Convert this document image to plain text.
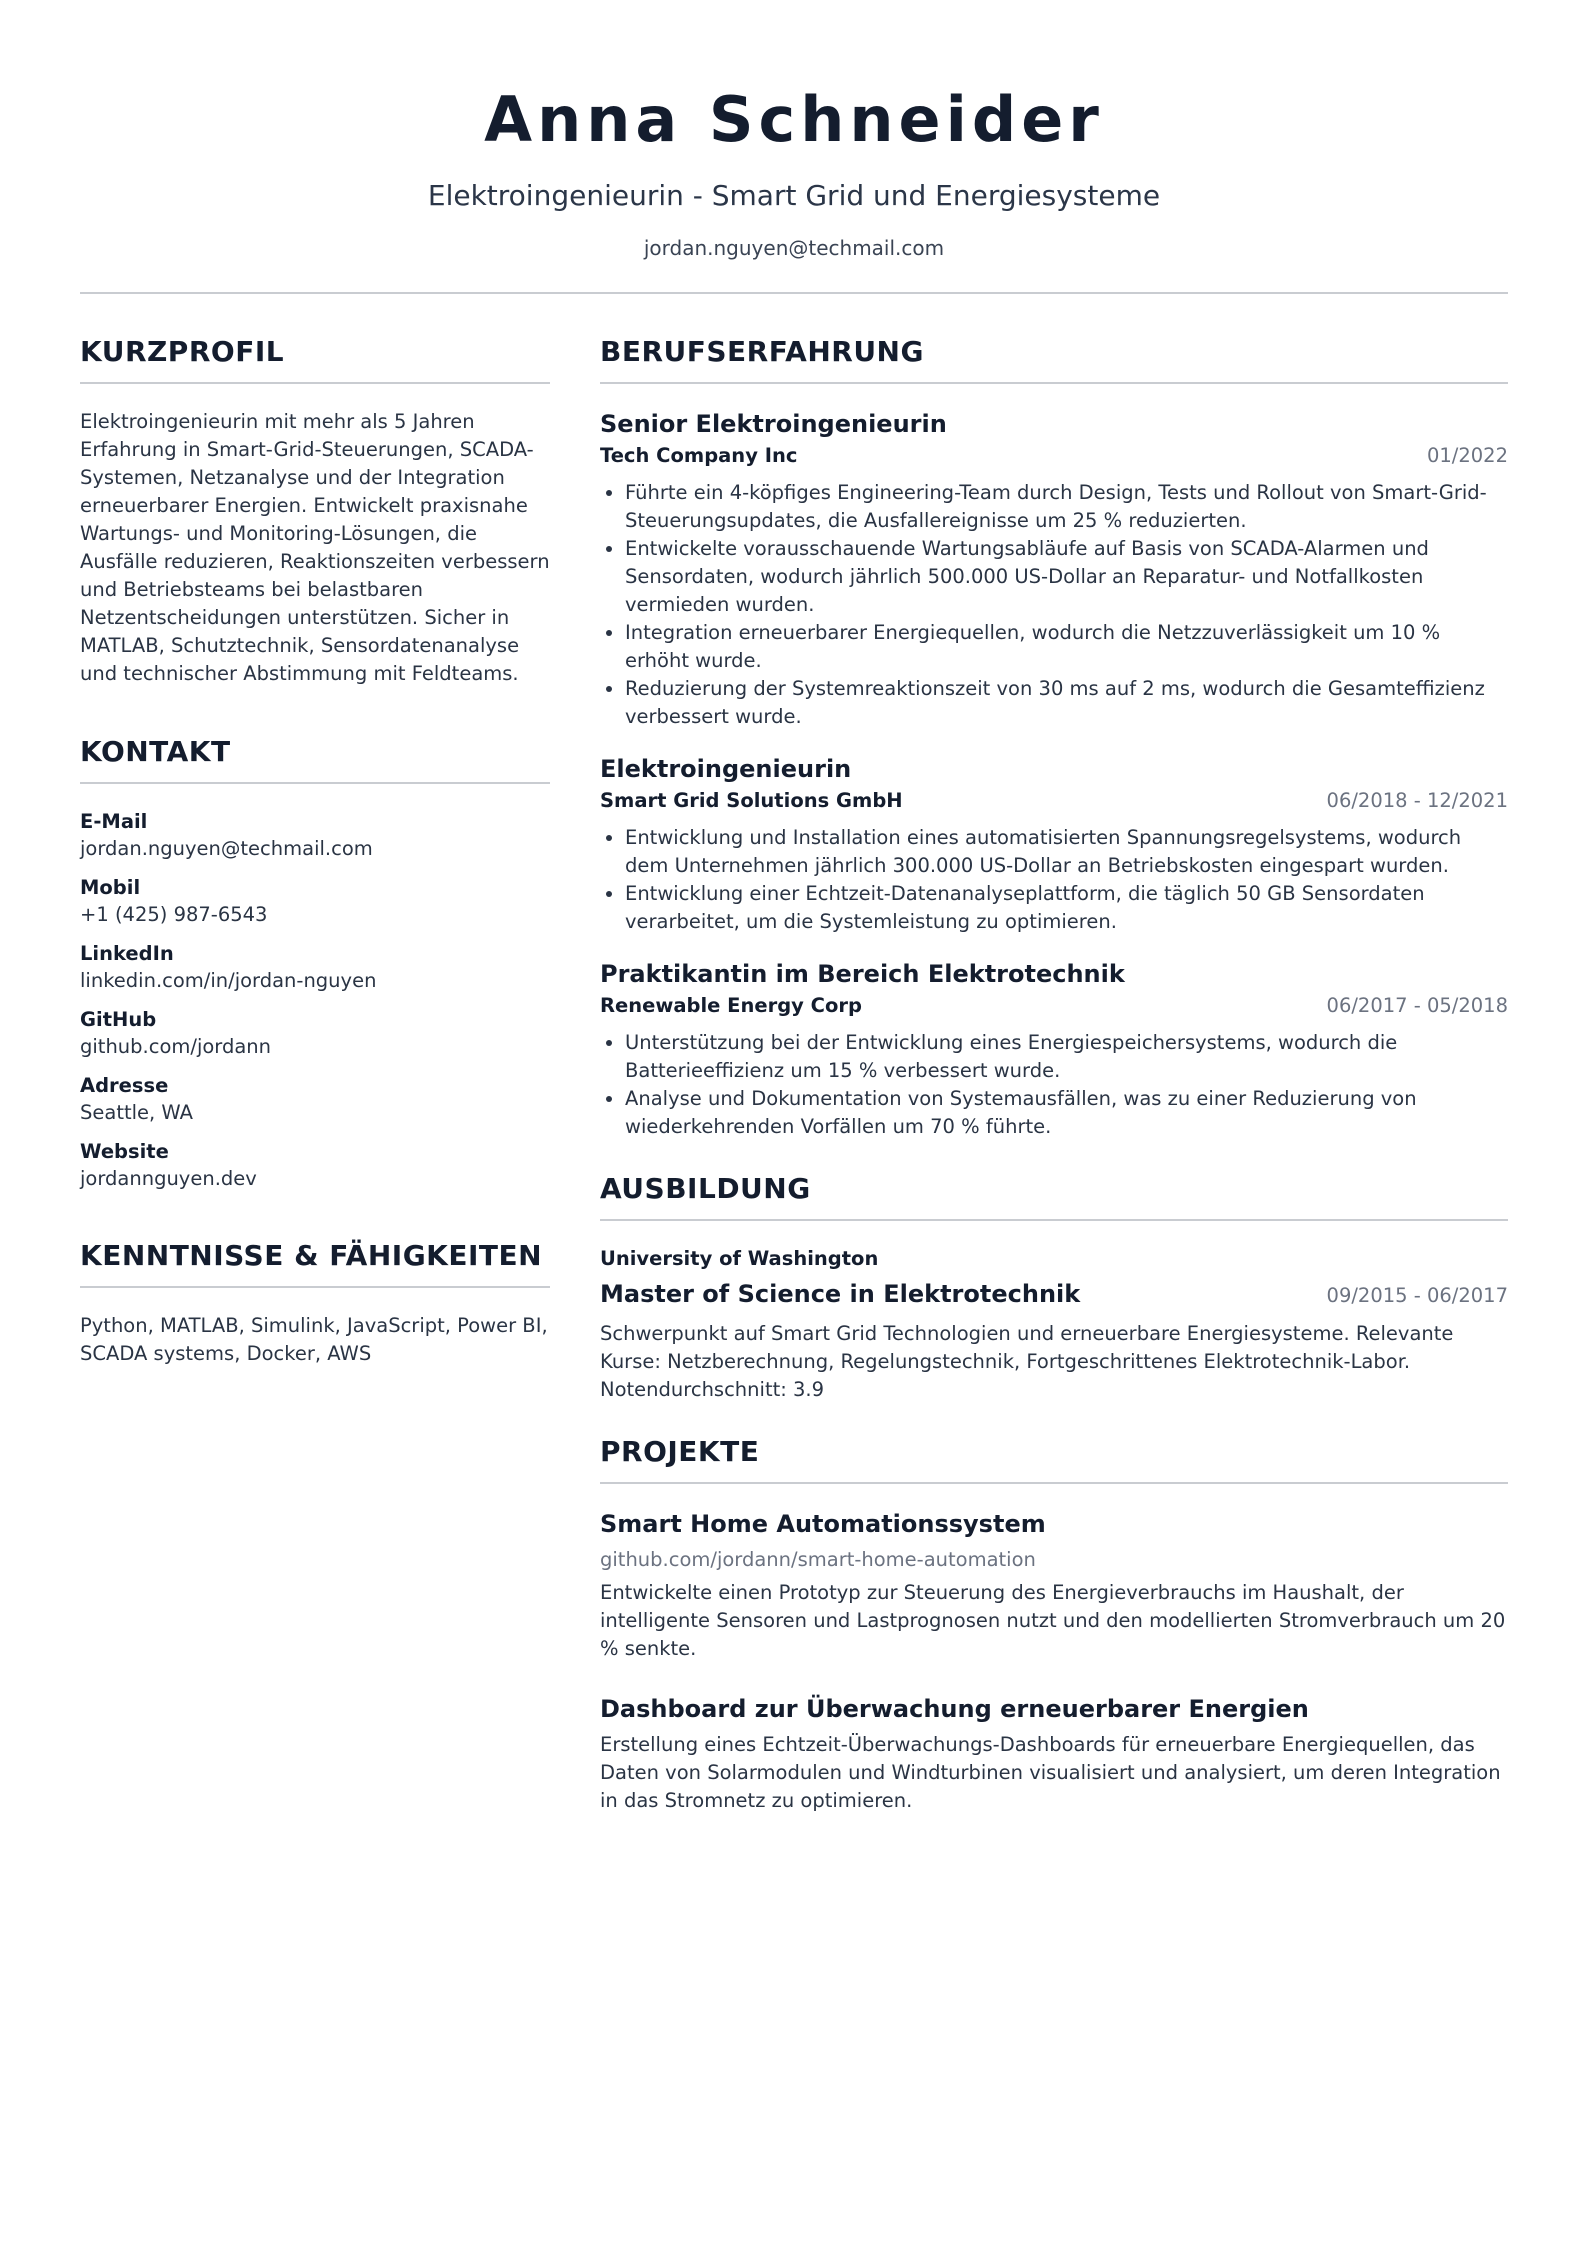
Anna Schneider
Elektroingenieurin - Smart Grid und Energiesysteme
jordan.nguyen@techmail.com
KURZPROFIL

Elektroingenieurin mit mehr als 5 Jahren Erfahrung in Smart-Grid-Steuerungen, SCADA-Systemen, Netzanalyse und der Integration erneuerbarer Energien. Entwickelt praxisnahe Wartungs- und Monitoring-Lösungen, die Ausfälle reduzieren, Reaktionszeiten verbessern und Betriebsteams bei belastbaren Netzentscheidungen unterstützen. Sicher in MATLAB, Schutztechnik, Sensordatenanalyse und technischer Abstimmung mit Feldteams.

KONTAKT
E-Mail
jordan.nguyen@techmail.com
Mobil
+1 (425) 987-6543
LinkedIn
linkedin.com/in/jordan-nguyen
GitHub
github.com/jordann
Adresse
Seattle, WA
Website
jordannguyen.dev
KENNTNISSE & FÄHIGKEITEN

Python, MATLAB, Simulink, JavaScript, Power BI, SCADA systems, Docker, AWS

BERUFSERFAHRUNG
Senior Elektroingenieurin
Tech Company Inc	01/2022
• Führte ein 4-köpfiges Engineering-Team durch Design, Tests und Rollout von Smart-Grid-Steuerungsupdates, die Ausfallereignisse um 25 % reduzierten.
• Entwickelte vorausschauende Wartungsabläufe auf Basis von SCADA-Alarmen und Sensordaten, wodurch jährlich 500.000 US-Dollar an Reparatur- und Notfallkosten vermieden wurden.
• Integration erneuerbarer Energiequellen, wodurch die Netzzuverlässigkeit um 10 % erhöht wurde.
• Reduzierung der Systemreaktionszeit von 30 ms auf 2 ms, wodurch die Gesamteffizienz verbessert wurde.
Elektroingenieurin
Smart Grid Solutions GmbH	06/2018 - 12/2021
• Entwicklung und Installation eines automatisierten Spannungsregelsystems, wodurch dem Unternehmen jährlich 300.000 US-Dollar an Betriebskosten eingespart wurden.
• Entwicklung einer Echtzeit-Datenanalyseplattform, die täglich 50 GB Sensordaten verarbeitet, um die Systemleistung zu optimieren.
Praktikantin im Bereich Elektrotechnik
Renewable Energy Corp	06/2017 - 05/2018
• Unterstützung bei der Entwicklung eines Energiespeichersystems, wodurch die Batterieeffizienz um 15 % verbessert wurde.
• Analyse und Dokumentation von Systemausfällen, was zu einer Reduzierung von wiederkehrenden Vorfällen um 70 % führte.
AUSBILDUNG
University of Washington
Master of Science in Elektrotechnik	09/2015 - 06/2017

Schwerpunkt auf Smart Grid Technologien und erneuerbare Energiesysteme. Relevante Kurse: Netzberechnung, Regelungstechnik, Fortgeschrittenes Elektrotechnik-Labor. Notendurchschnitt: 3.9

PROJEKTE
Smart Home Automationssystem
github.com/jordann/smart-home-automation

Entwickelte einen Prototyp zur Steuerung des Energieverbrauchs im Haushalt, der intelligente Sensoren und Lastprognosen nutzt und den modellierten Stromverbrauch um 20 % senkte.

Dashboard zur Überwachung erneuerbarer Energien

Erstellung eines Echtzeit-Überwachungs-Dashboards für erneuerbare Energiequellen, das Daten von Solarmodulen und Windturbinen visualisiert und analysiert, um deren Integration in das Stromnetz zu optimieren.
